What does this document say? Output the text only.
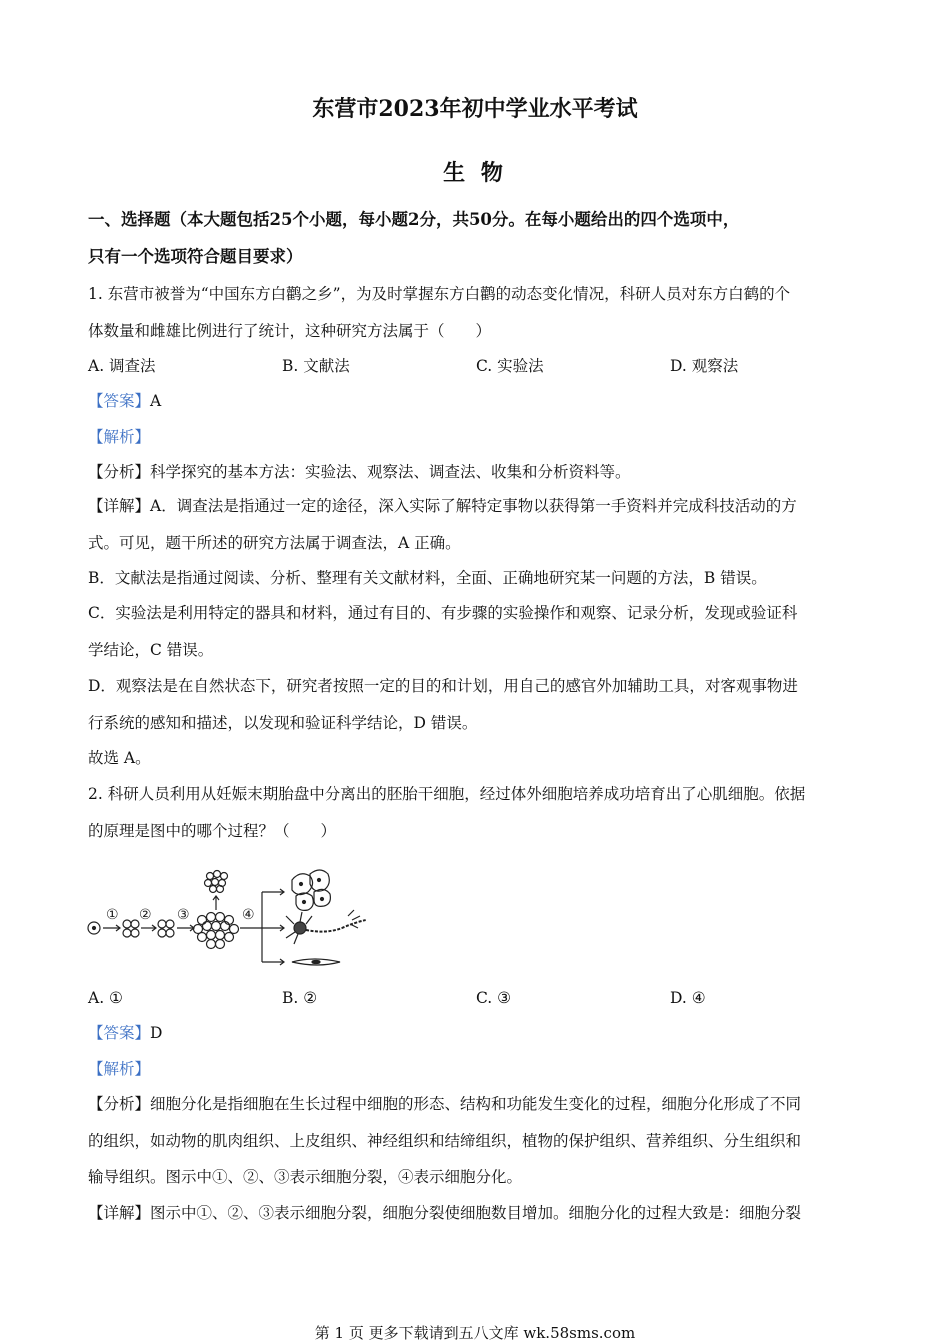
东营市2023年初中学业水平考试
生 物
一、选择题（本大题包括25个小题，每小题2分，共50分。在每小题给出的四个选项中，
只有一个选项符合题目要求）
1. 东营市被誉为“中国东方白鹳之乡”，为及时掌握东方白鹳的动态变化情况，科研人员对东方白鹤的个
体数量和雌雄比例进行了统计，这种研究方法属于（　　）
A. 调查法	B. 文献法	C. 实验法	D. 观察法
【答案】A
【解析】
【分析】科学探究的基本方法：实验法、观察法、调查法、收集和分析资料等。
【详解】A．调查法是指通过一定的途径，深入实际了解特定事物以获得第一手资料并完成科技活动的方
式。可见，题干所述的研究方法属于调查法，A 正确。
B．文献法是指通过阅读、分析、整理有关文献材料，全面、正确地研究某一问题的方法，B 错误。
C．实验法是利用特定的器具和材料，通过有目的、有步骤的实验操作和观察、记录分析，发现或验证科
学结论，C 错误。
D．观察法是在自然状态下，研究者按照一定的目的和计划，用自己的感官外加辅助工具，对客观事物进
行系统的感知和描述，以发现和验证科学结论，D 错误。
故选 A。
2. 科研人员利用从妊娠末期胎盘中分离出的胚胎干细胞，经过体外细胞培养成功培育出了心肌细胞。依据
的原理是图中的哪个过程？（　　）
① ② ③	④
A. ①	B. ②	C. ③	D. ④
【答案】D
【解析】
【分析】细胞分化是指细胞在生长过程中细胞的形态、结构和功能发生变化的过程，细胞分化形成了不同
的组织，如动物的肌肉组织、上皮组织、神经组织和结缔组织，植物的保护组织、营养组织、分生组织和
输导组织。图示中①、②、③表示细胞分裂，④表示细胞分化。
【详解】图示中①、②、③表示细胞分裂，细胞分裂使细胞数目增加。细胞分化的过程大致是：细胞分裂
第 1 页 更多下载请到五八文库 wk.58sms.com
